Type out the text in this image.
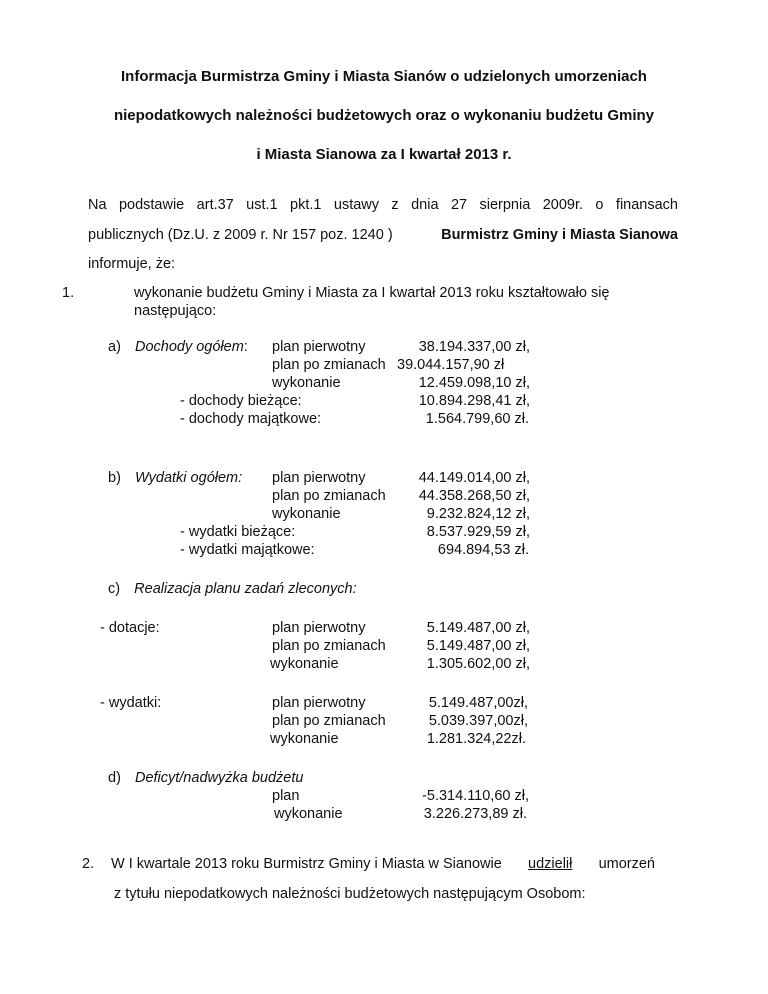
Informacja Burmistrza Gminy i Miasta Sianów o udzielonych umorzeniach
niepodatkowych należności budżetowych oraz o wykonaniu budżetu Gminy
i Miasta Sianowa za I kwartał 2013 r.
Na podstawie art.37 ust.1 pkt.1 ustawy z dnia 27 sierpnia 2009r. o finansach
publicznych (Dz.U. z 2009 r. Nr 157 poz. 1240 )	Burmistrz Gminy i Miasta Sianowa
informuje, że:
1.	wykonanie budżetu Gminy i Miasta za I kwartał 2013 roku kształtowało się
następująco:
a) Dochody ogółem: plan pierwotny	38.194.337,00 zł,
plan po zmianach 39.044.157,90 zł
wykonanie	12.459.098,10 zł,
- dochody bieżące:	10.894.298,41 zł,
- dochody majątkowe:	1.564.799,60 zł.
b) Wydatki ogółem: plan pierwotny	44.149.014,00 zł,
plan po zmianach	44.358.268,50 zł,
wykonanie	9.232.824,12 zł,
- wydatki bieżące:	8.537.929,59 zł,
- wydatki majątkowe:	694.894,53 zł.
c) Realizacja planu zadań zleconych:
- dotacje:	plan pierwotny	5.149.487,00 zł,
plan po zmianach	5.149.487,00 zł,
wykonanie	1.305.602,00 zł,
- wydatki:	plan pierwotny	5.149.487,00zł,
plan po zmianach	5.039.397,00zł,
wykonanie	1.281.324,22zł.
d) Deficyt/nadwyżka budżetu
plan	-5.314.110,60 zł,
wykonanie	3.226.273,89 zł.
2. W I kwartale 2013 roku Burmistrz Gminy i Miasta w Sianowie udzielił umorzeń
z tytułu niepodatkowych należności budżetowych następującym Osobom:
